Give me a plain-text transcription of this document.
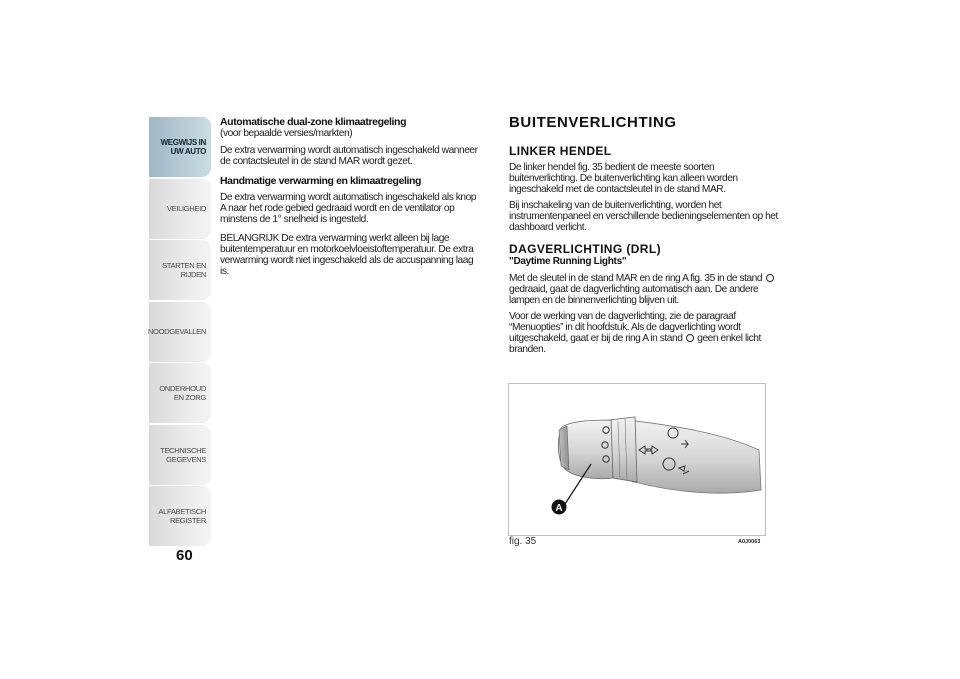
WEGWIJS IN UW AUTO
VEILIGHEID
STARTEN EN RIJDEN
NOODGEVALLEN
ONDERHOUD EN ZORG
TECHNISCHE GEGEVENS
ALFABETISCH REGISTER
60
Automatische dual-zone klimaatregeling
(voor bepaalde versies/markten)
De extra verwarming wordt automatisch ingeschakeld wanneer de contactsleutel in de stand MAR wordt gezet.
Handmatige verwarming en klimaatregeling
De extra verwarming wordt automatisch ingeschakeld als knop A naar het rode gebied gedraaid wordt en de ventilator op minstens de 1° snelheid is ingesteld.
BELANGRIJK De extra verwarming werkt alleen bij lage buitentemperatuur en motorkoelvloeistoftemperatuur. De extra verwarming wordt niet ingeschakeld als de accuspanning laag is.
BUITENVERLICHTING
LINKER HENDEL
De linker hendel fig. 35 bedient de meeste soorten buitenverlichting. De buitenverlichting kan alleen worden ingeschakeld met de contactsleutel in de stand MAR.
Bij inschakeling van de buitenverlichting, worden het instrumentenpaneel en verschillende bedieningselementen op het dashboard verlicht.
DAGVERLICHTING (DRL)
"Daytime Running Lights"
Met de sleutel in de stand MAR en de ring A fig. 35 in de stand  gedraaid, gaat de dagverlichting automatisch aan. De andere lampen en de binnenverlichting blijven uit.
Voor de werking van de dagverlichting, zie de paragraaf “Menuopties” in dit hoofdstuk. Als de dagverlichting wordt uitgeschakeld, gaat er bij de ring A in stand geen enkel licht branden.
A
fig. 35	A0J0063
